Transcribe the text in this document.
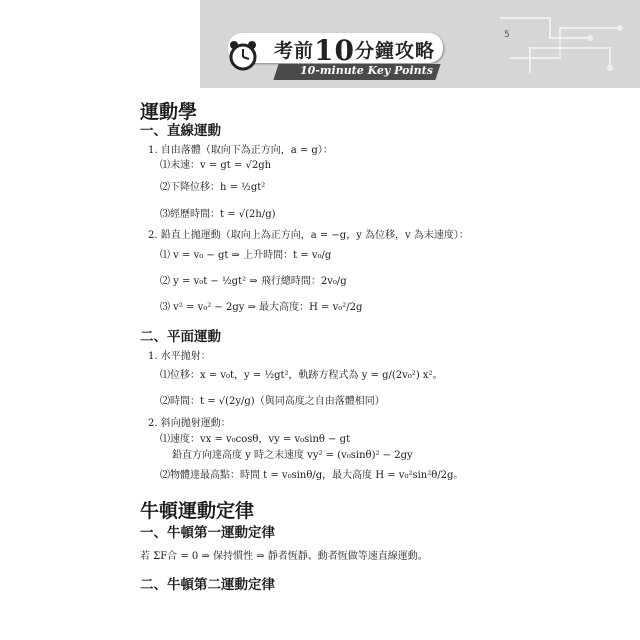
10-minute Key Points
考前10分鐘攻略
5
運動學
一、直線運動
1. 自由落體（取向下為正方向，a = g）：
⑴末速：v = gt = √2gh
⑵下降位移：h = ½gt²
⑶經歷時間：t = √(2h/g)
2. 鉛直上拋運動（取向上為正方向，a = −g，y 為位移，v 為末速度）：
⑴ v = v₀ − gt ⇒ 上升時間：t = v₀/g
⑵ y = v₀t − ½gt² ⇒ 飛行總時間：2v₀/g
⑶ v² = v₀² − 2gy ⇒ 最大高度：H = v₀²/2g
二、平面運動
1. 水平拋射：
⑴位移：x = v₀t，y = ½gt²，軌跡方程式為 y = g/(2v₀²) x²。
⑵時間：t = √(2y/g)（與同高度之自由落體相同）
2. 斜向拋射運動：
⑴速度：vx = v₀cosθ，vy = v₀sinθ − gt
鉛直方向達高度 y 時之末速度 vy² = (v₀sinθ)² − 2gy
⑵物體達最高點：時間 t = v₀sinθ/g，最大高度 H = v₀²sin²θ/2g。
牛頓運動定律
一、牛頓第一運動定律
若 ΣF合 = 0 ⇒ 保持慣性 ⇒ 靜者恆靜、動者恆做等速直線運動。
二、牛頓第二運動定律
